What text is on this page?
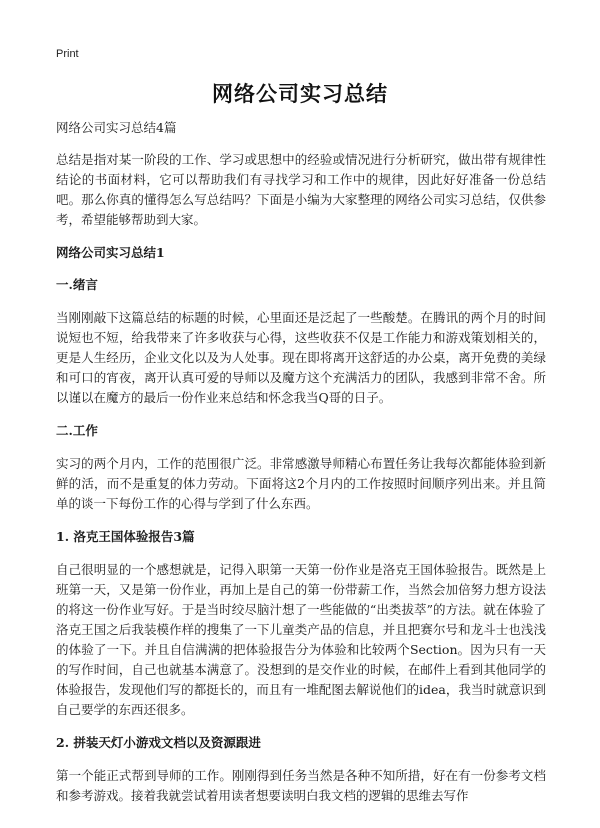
Print
网络公司实习总结
网络公司实习总结4篇

总结是指对某一阶段的工作、学习或思想中的经验或情况进行分析研究，做出带有规律性结论的书面材料，它可以帮助我们有寻找学习和工作中的规律，因此好好准备一份总结吧。那么你真的懂得怎么写总结吗？下面是小编为大家整理的网络公司实习总结，仅供参考，希望能够帮助到大家。

网络公司实习总结1
一.绪言

当刚刚敲下这篇总结的标题的时候，心里面还是泛起了一些酸楚。在腾讯的两个月的时间说短也不短，给我带来了许多收获与心得，这些收获不仅是工作能力和游戏策划相关的，更是人生经历，企业文化以及为人处事。现在即将离开这舒适的办公桌，离开免费的美绿和可口的宵夜，离开认真可爱的导师以及魔方这个充满活力的团队，我感到非常不舍。所以谨以在魔方的最后一份作业来总结和怀念我当Q哥的日子。

二.工作

实习的两个月内，工作的范围很广泛。非常感激导师精心布置任务让我每次都能体验到新鲜的活，而不是重复的体力劳动。下面将这2个月内的工作按照时间顺序列出来。并且简单的谈一下每份工作的心得与学到了什么东西。

1. 洛克王国体验报告3篇

自己很明显的一个感想就是，记得入职第一天第一份作业是洛克王国体验报告。既然是上班第一天，又是第一份作业，再加上是自己的第一份带薪工作，当然会加倍努力想方设法的将这一份作业写好。于是当时绞尽脑汁想了一些能做的“出类拔萃”的方法。就在体验了洛克王国之后我装模作样的搜集了一下儿童类产品的信息，并且把赛尔号和龙斗士也浅浅的体验了一下。并且自信满满的把体验报告分为体验和比较两个Section。因为只有一天的写作时间，自己也就基本满意了。没想到的是交作业的时候，在邮件上看到其他同学的体验报告，发现他们写的都挺长的，而且有一堆配图去解说他们的idea，我当时就意识到自己要学的东西还很多。

2. 拼装天灯小游戏文档以及资源跟进

第一个能正式帮到导师的工作。刚刚得到任务当然是各种不知所措，好在有一份参考文档和参考游戏。接着我就尝试着用读者想要读明白我文档的逻辑的思维去写作
